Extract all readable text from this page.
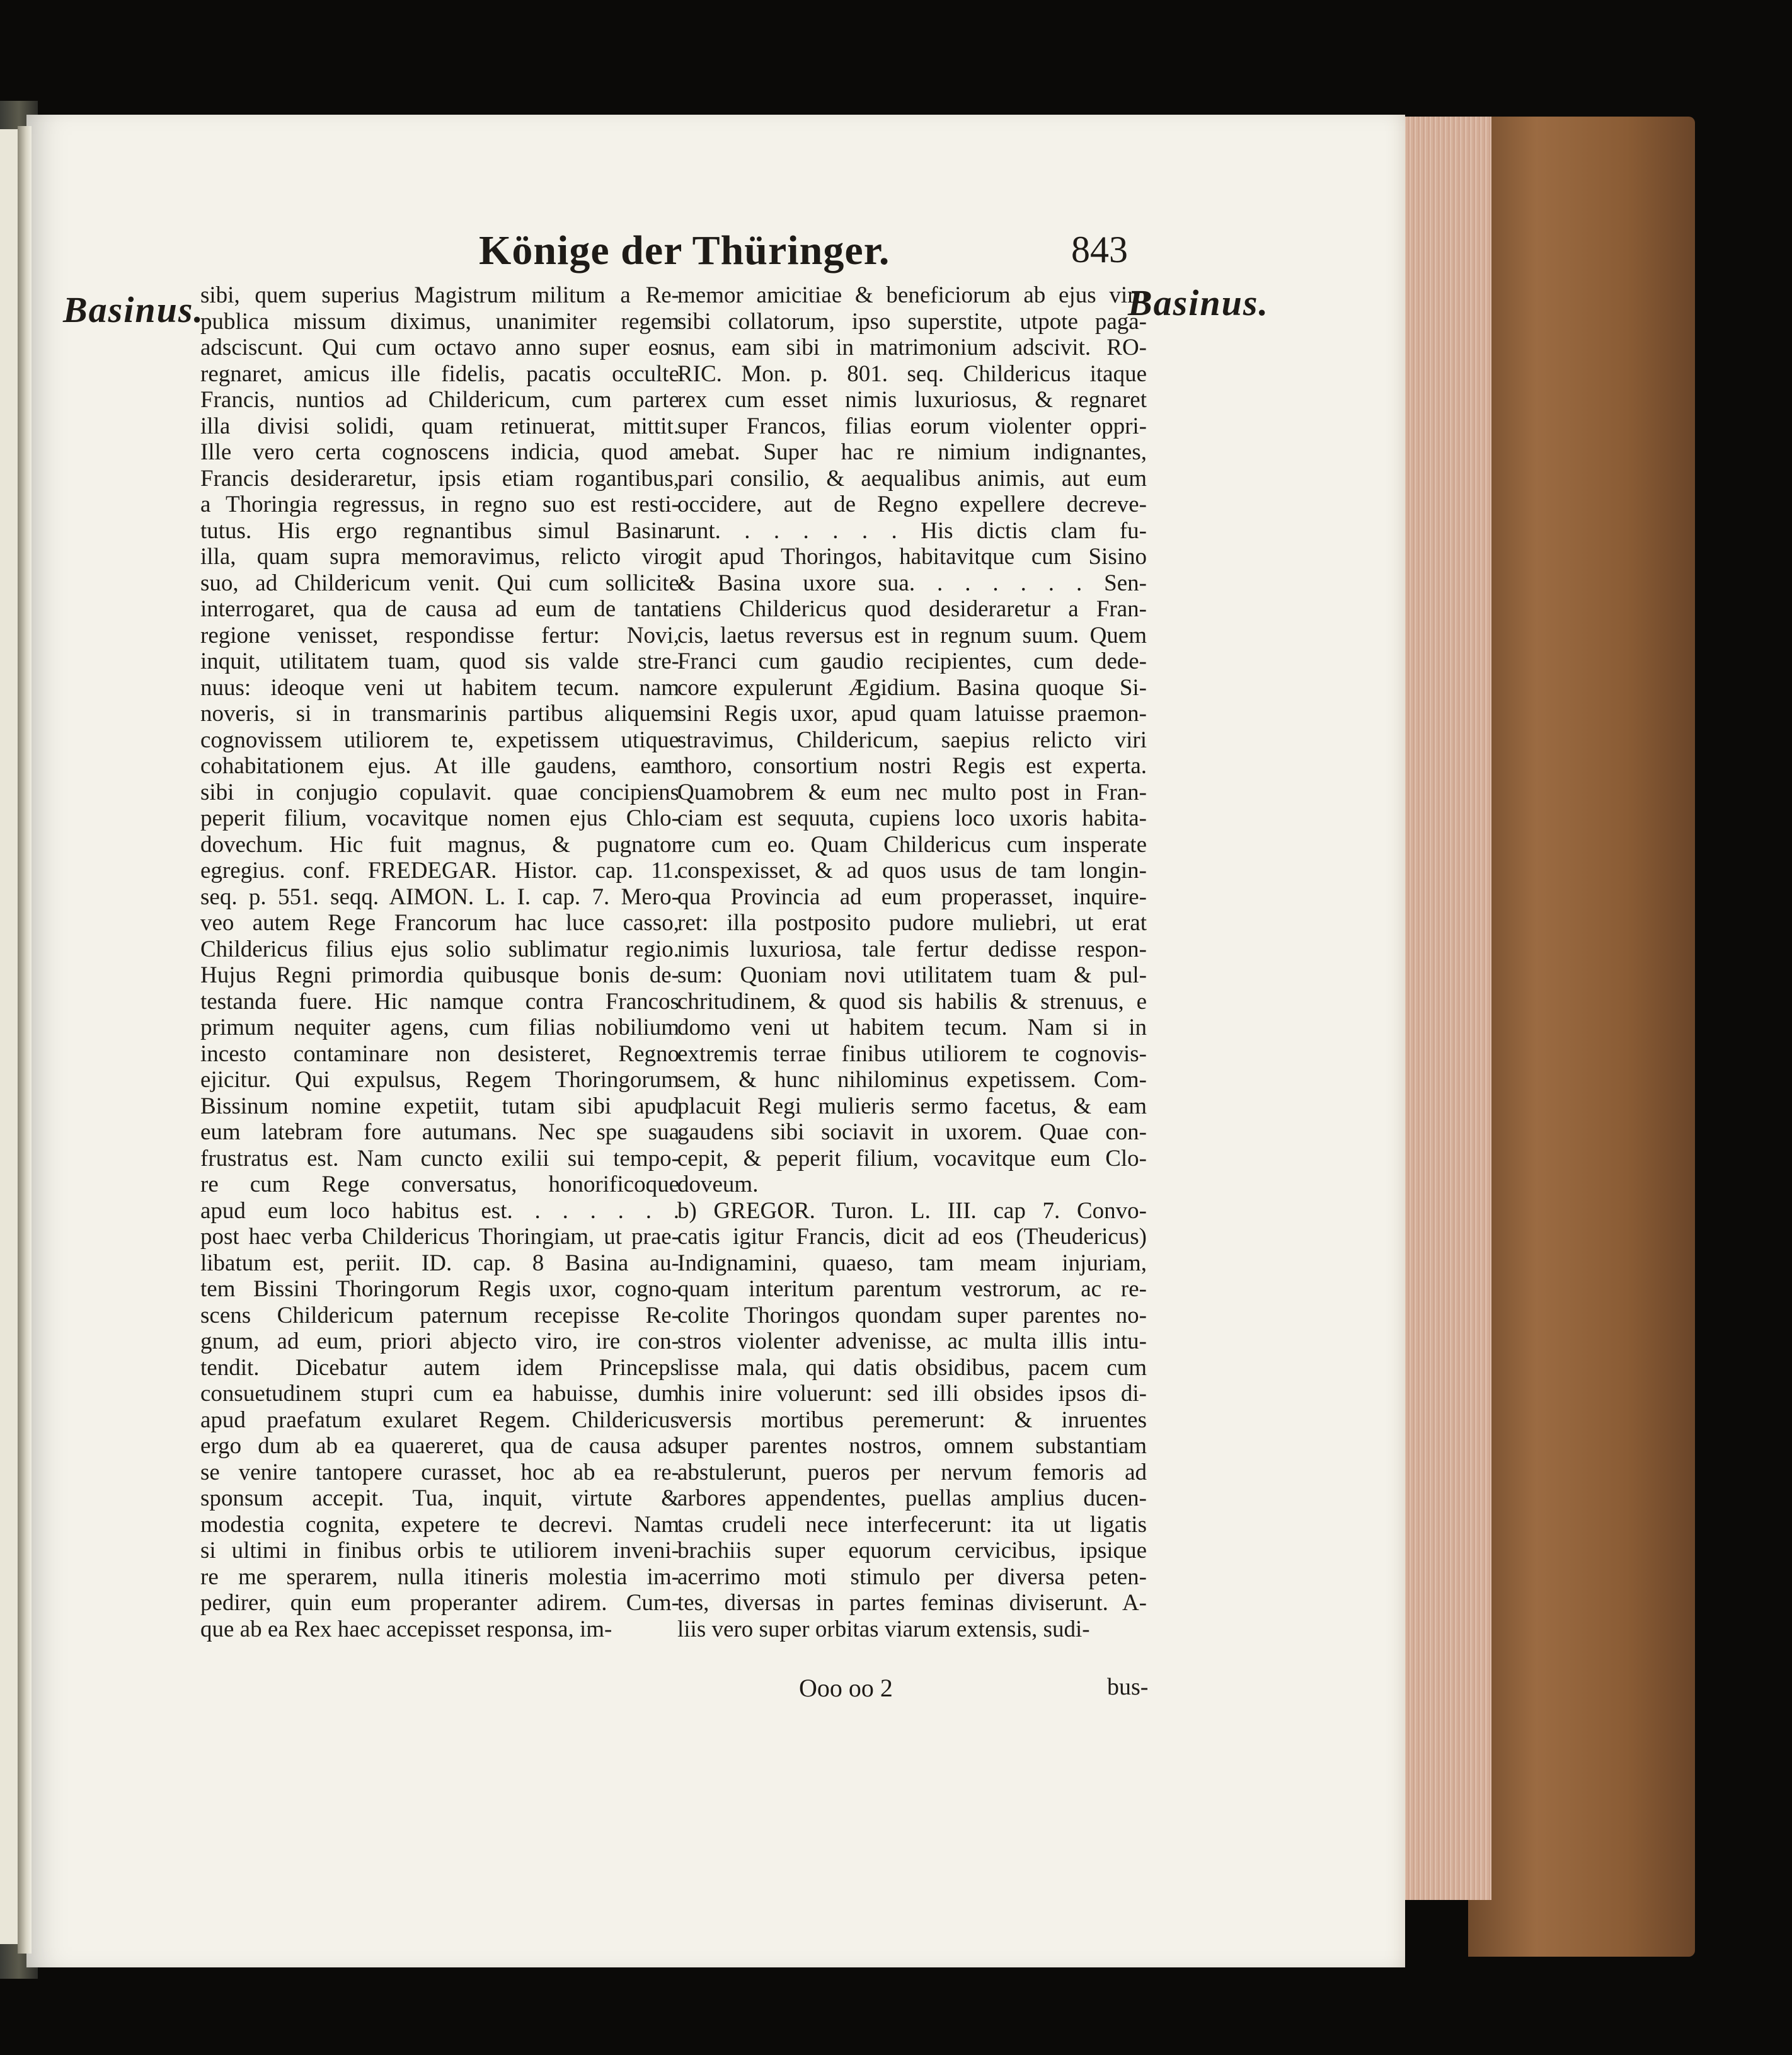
Könige der Thüringer.	843
Basinus.	Basinus.
sibi, quem superius Magistrum militum a Re-
publica missum diximus, unanimiter regem
adsciscunt. Qui cum octavo anno super eos
regnaret, amicus ille fidelis, pacatis occulte
Francis, nuntios ad Childericum, cum parte
illa divisi solidi, quam retinuerat, mittit.
Ille vero certa cognoscens indicia, quod a
Francis desideraretur, ipsis etiam rogantibus,
a Thoringia regressus, in regno suo est resti-
tutus. His ergo regnantibus simul Basina
illa, quam supra memoravimus, relicto viro
suo, ad Childericum venit. Qui cum sollicite
interrogaret, qua de causa ad eum de tanta
regione venisset, respondisse fertur: Novi,
inquit, utilitatem tuam, quod sis valde stre-
nuus: ideoque veni ut habitem tecum. nam
noveris, si in transmarinis partibus aliquem
cognovissem utiliorem te, expetissem utique
cohabitationem ejus. At ille gaudens, eam
sibi in conjugio copulavit. quae concipiens
peperit filium, vocavitque nomen ejus Chlo-
dovechum. Hic fuit magnus, & pugnator
egregius. conf. FREDEGAR. Histor. cap. 11.
seq. p. 551. seqq. AIMON. L. I. cap. 7. Mero-
veo autem Rege Francorum hac luce casso,
Childericus filius ejus solio sublimatur regio.
Hujus Regni primordia quibusque bonis de-
testanda fuere. Hic namque contra Francos
primum nequiter agens, cum filias nobilium
incesto contaminare non desisteret, Regno
ejicitur. Qui expulsus, Regem Thoringorum
Bissinum nomine expetiit, tutam sibi apud
eum latebram fore autumans. Nec spe sua
frustratus est. Nam cuncto exilii sui tempo-
re cum Rege conversatus, honorificoque
apud eum loco habitus est. . . . . . .
post haec verba Childericus Thoringiam, ut prae-
libatum est, periit. ID. cap. 8 Basina au-
tem Bissini Thoringorum Regis uxor, cogno-
scens Childericum paternum recepisse Re-
gnum, ad eum, priori abjecto viro, ire con-
tendit. Dicebatur autem idem Princeps
consuetudinem stupri cum ea habuisse, dum
apud praefatum exularet Regem. Childericus
ergo dum ab ea quaereret, qua de causa ad
se venire tantopere curasset, hoc ab ea re-
sponsum accepit. Tua, inquit, virtute &
modestia cognita, expetere te decrevi. Nam
si ultimi in finibus orbis te utiliorem inveni-
re me sperarem, nulla itineris molestia im-
pedirer, quin eum properanter adirem. Cum-
que ab ea Rex haec accepisset responsa, im-
memor amicitiae & beneficiorum ab ejus viro
sibi collatorum, ipso superstite, utpote paga-
nus, eam sibi in matrimonium adscivit. RO-
RIC. Mon. p. 801. seq. Childericus itaque
rex cum esset nimis luxuriosus, & regnaret
super Francos, filias eorum violenter oppri-
mebat. Super hac re nimium indignantes,
pari consilio, & aequalibus animis, aut eum
occidere, aut de Regno expellere decreve-
runt. . . . . . . His dictis clam fu-
git apud Thoringos, habitavitque cum Sisino
& Basina uxore sua. . . . . . . Sen-
tiens Childericus quod desideraretur a Fran-
cis, laetus reversus est in regnum suum. Quem
Franci cum gaudio recipientes, cum dede-
core expulerunt Ægidium. Basina quoque Si-
sini Regis uxor, apud quam latuisse praemon-
stravimus, Childericum, saepius relicto viri
thoro, consortium nostri Regis est experta.
Quamobrem & eum nec multo post in Fran-
ciam est sequuta, cupiens loco uxoris habita-
re cum eo. Quam Childericus cum insperate
conspexisset, & ad quos usus de tam longin-
qua Provincia ad eum properasset, inquire-
ret: illa postposito pudore muliebri, ut erat
nimis luxuriosa, tale fertur dedisse respon-
sum: Quoniam novi utilitatem tuam & pul-
chritudinem, & quod sis habilis & strenuus, e
domo veni ut habitem tecum. Nam si in
extremis terrae finibus utiliorem te cognovis-
sem, & hunc nihilominus expetissem. Com-
placuit Regi mulieris sermo facetus, & eam
gaudens sibi sociavit in uxorem. Quae con-
cepit, & peperit filium, vocavitque eum Clo-
doveum.
b) GREGOR. Turon. L. III. cap 7. Convo-
catis igitur Francis, dicit ad eos (Theudericus)
Indignamini, quaeso, tam meam injuriam,
quam interitum parentum vestrorum, ac re-
colite Thoringos quondam super parentes no-
stros violenter advenisse, ac multa illis intu-
lisse mala, qui datis obsidibus, pacem cum
his inire voluerunt: sed illi obsides ipsos di-
versis mortibus peremerunt: & inruentes
super parentes nostros, omnem substantiam
abstulerunt, pueros per nervum femoris ad
arbores appendentes, puellas amplius ducen-
tas crudeli nece interfecerunt: ita ut ligatis
brachiis super equorum cervicibus, ipsique
acerrimo moti stimulo per diversa peten-
tes, diversas in partes feminas diviserunt. A-
liis vero super orbitas viarum extensis, sudi-
Ooo oo 2	bus-
